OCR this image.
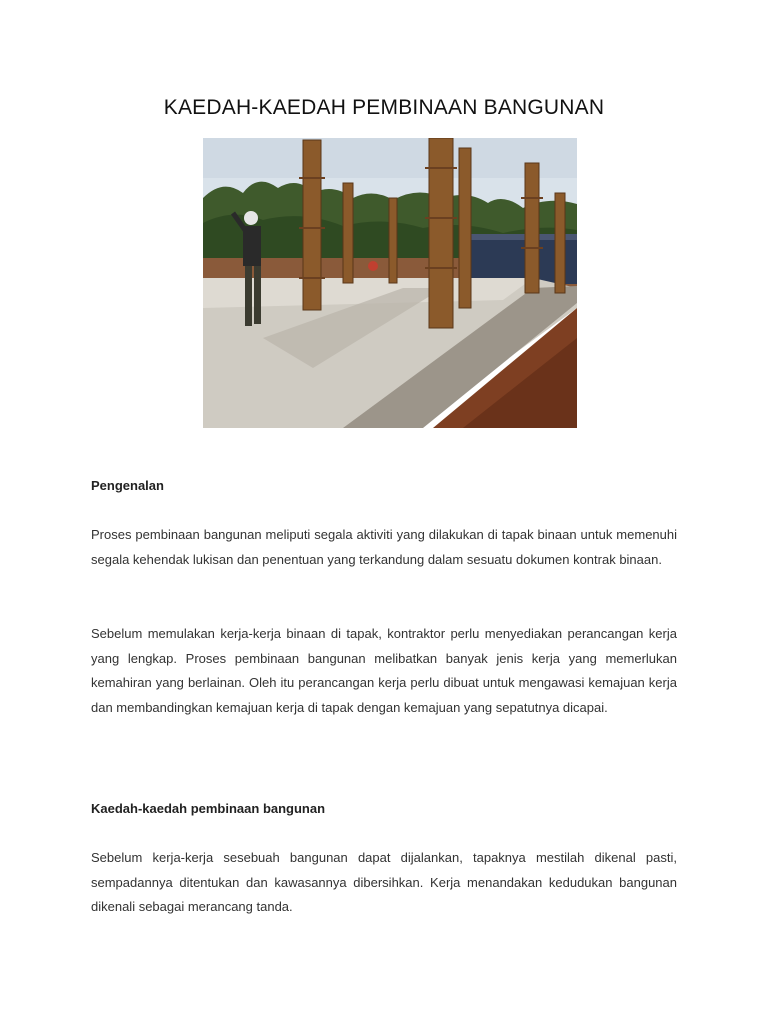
KAEDAH-KAEDAH PEMBINAAN BANGUNAN
Pengenalan
Proses pembinaan bangunan meliputi segala aktiviti yang dilakukan di tapak binaan untuk memenuhi segala kehendak lukisan dan penentuan yang terkandung dalam sesuatu dokumen kontrak binaan.
Sebelum memulakan kerja-kerja binaan di tapak, kontraktor perlu menyediakan perancangan kerja yang lengkap. Proses pembinaan bangunan melibatkan banyak jenis kerja yang memerlukan kemahiran yang berlainan. Oleh itu perancangan kerja perlu dibuat untuk mengawasi kemajuan kerja dan membandingkan kemajuan kerja di tapak dengan kemajuan yang sepatutnya dicapai.
Kaedah-kaedah pembinaan bangunan
Sebelum kerja-kerja sesebuah bangunan dapat dijalankan, tapaknya mestilah dikenal pasti, sempadannya ditentukan dan kawasannya dibersihkan. Kerja menandakan kedudukan bangunan dikenali sebagai merancang tanda.
